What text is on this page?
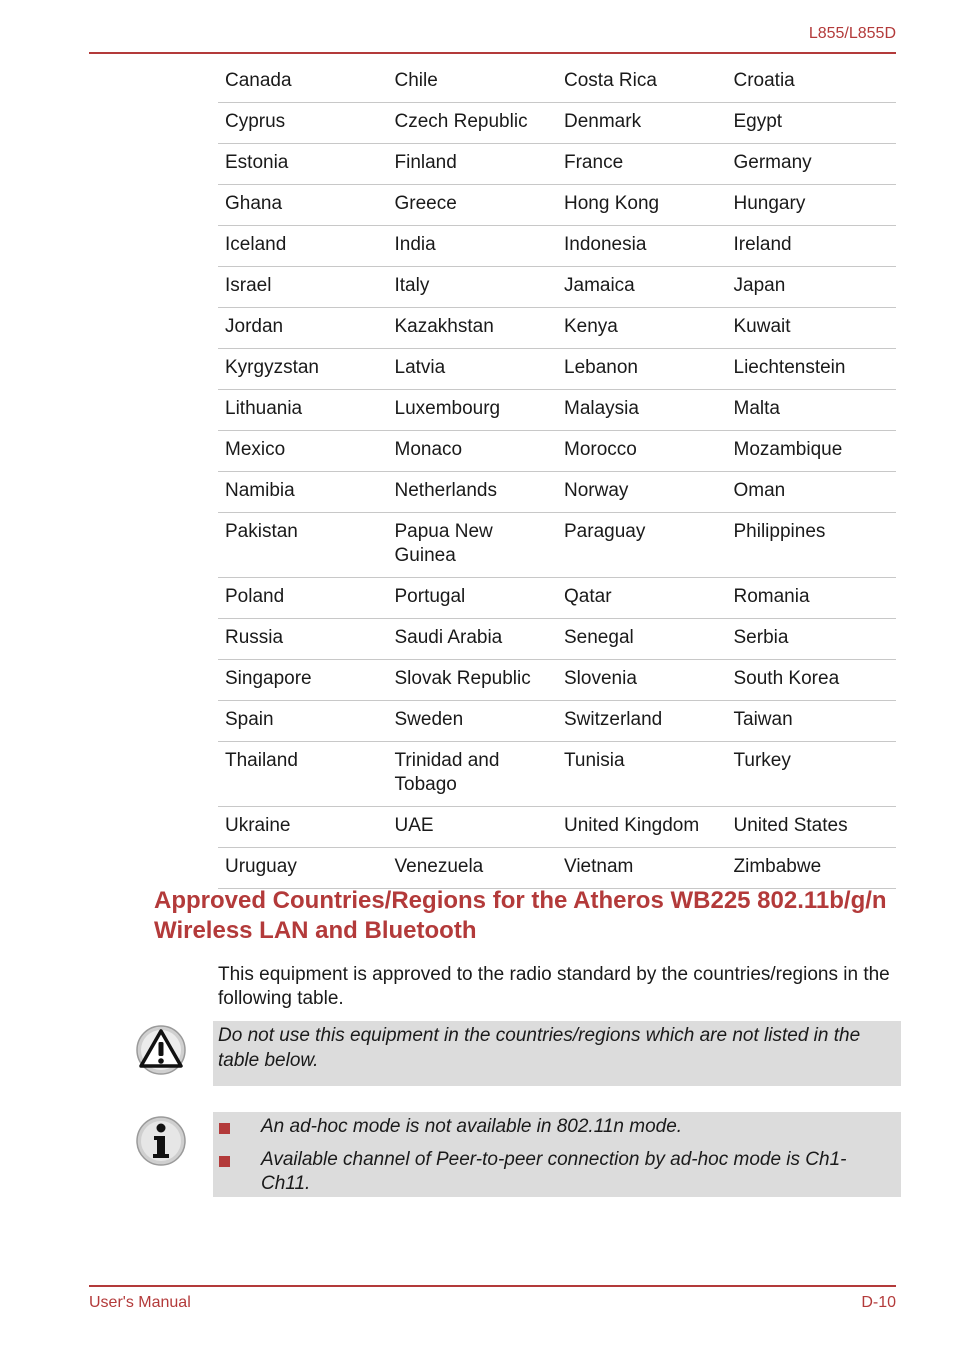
L855/L855D
Canada	Chile	Costa Rica	Croatia
Cyprus	Czech Republic	Denmark	Egypt
Estonia	Finland	France	Germany
Ghana	Greece	Hong Kong	Hungary
Iceland	India	Indonesia	Ireland
Israel	Italy	Jamaica	Japan
Jordan	Kazakhstan	Kenya	Kuwait
Kyrgyzstan	Latvia	Lebanon	Liechtenstein
Lithuania	Luxembourg	Malaysia	Malta
Mexico	Monaco	Morocco	Mozambique
Namibia	Netherlands	Norway	Oman
Pakistan	Papua New Guinea	Paraguay	Philippines
Poland	Portugal	Qatar	Romania
Russia	Saudi Arabia	Senegal	Serbia
Singapore	Slovak Republic	Slovenia	South Korea
Spain	Sweden	Switzerland	Taiwan
Thailand	Trinidad and Tobago	Tunisia	Turkey
Ukraine	UAE	United Kingdom	United States
Uruguay	Venezuela	Vietnam	Zimbabwe
Approved Countries/Regions for the Atheros WB225 802.11b/g/n Wireless LAN and Bluetooth

This equipment is approved to the radio standard by the countries/regions in the following table.

Do not use this equipment in the countries/regions which are not listed in the table below.

An ad-hoc mode is not available in 802.11n mode.
Available channel of Peer-to-peer connection by ad-hoc mode is Ch1-Ch11.
User's Manual	D-10
